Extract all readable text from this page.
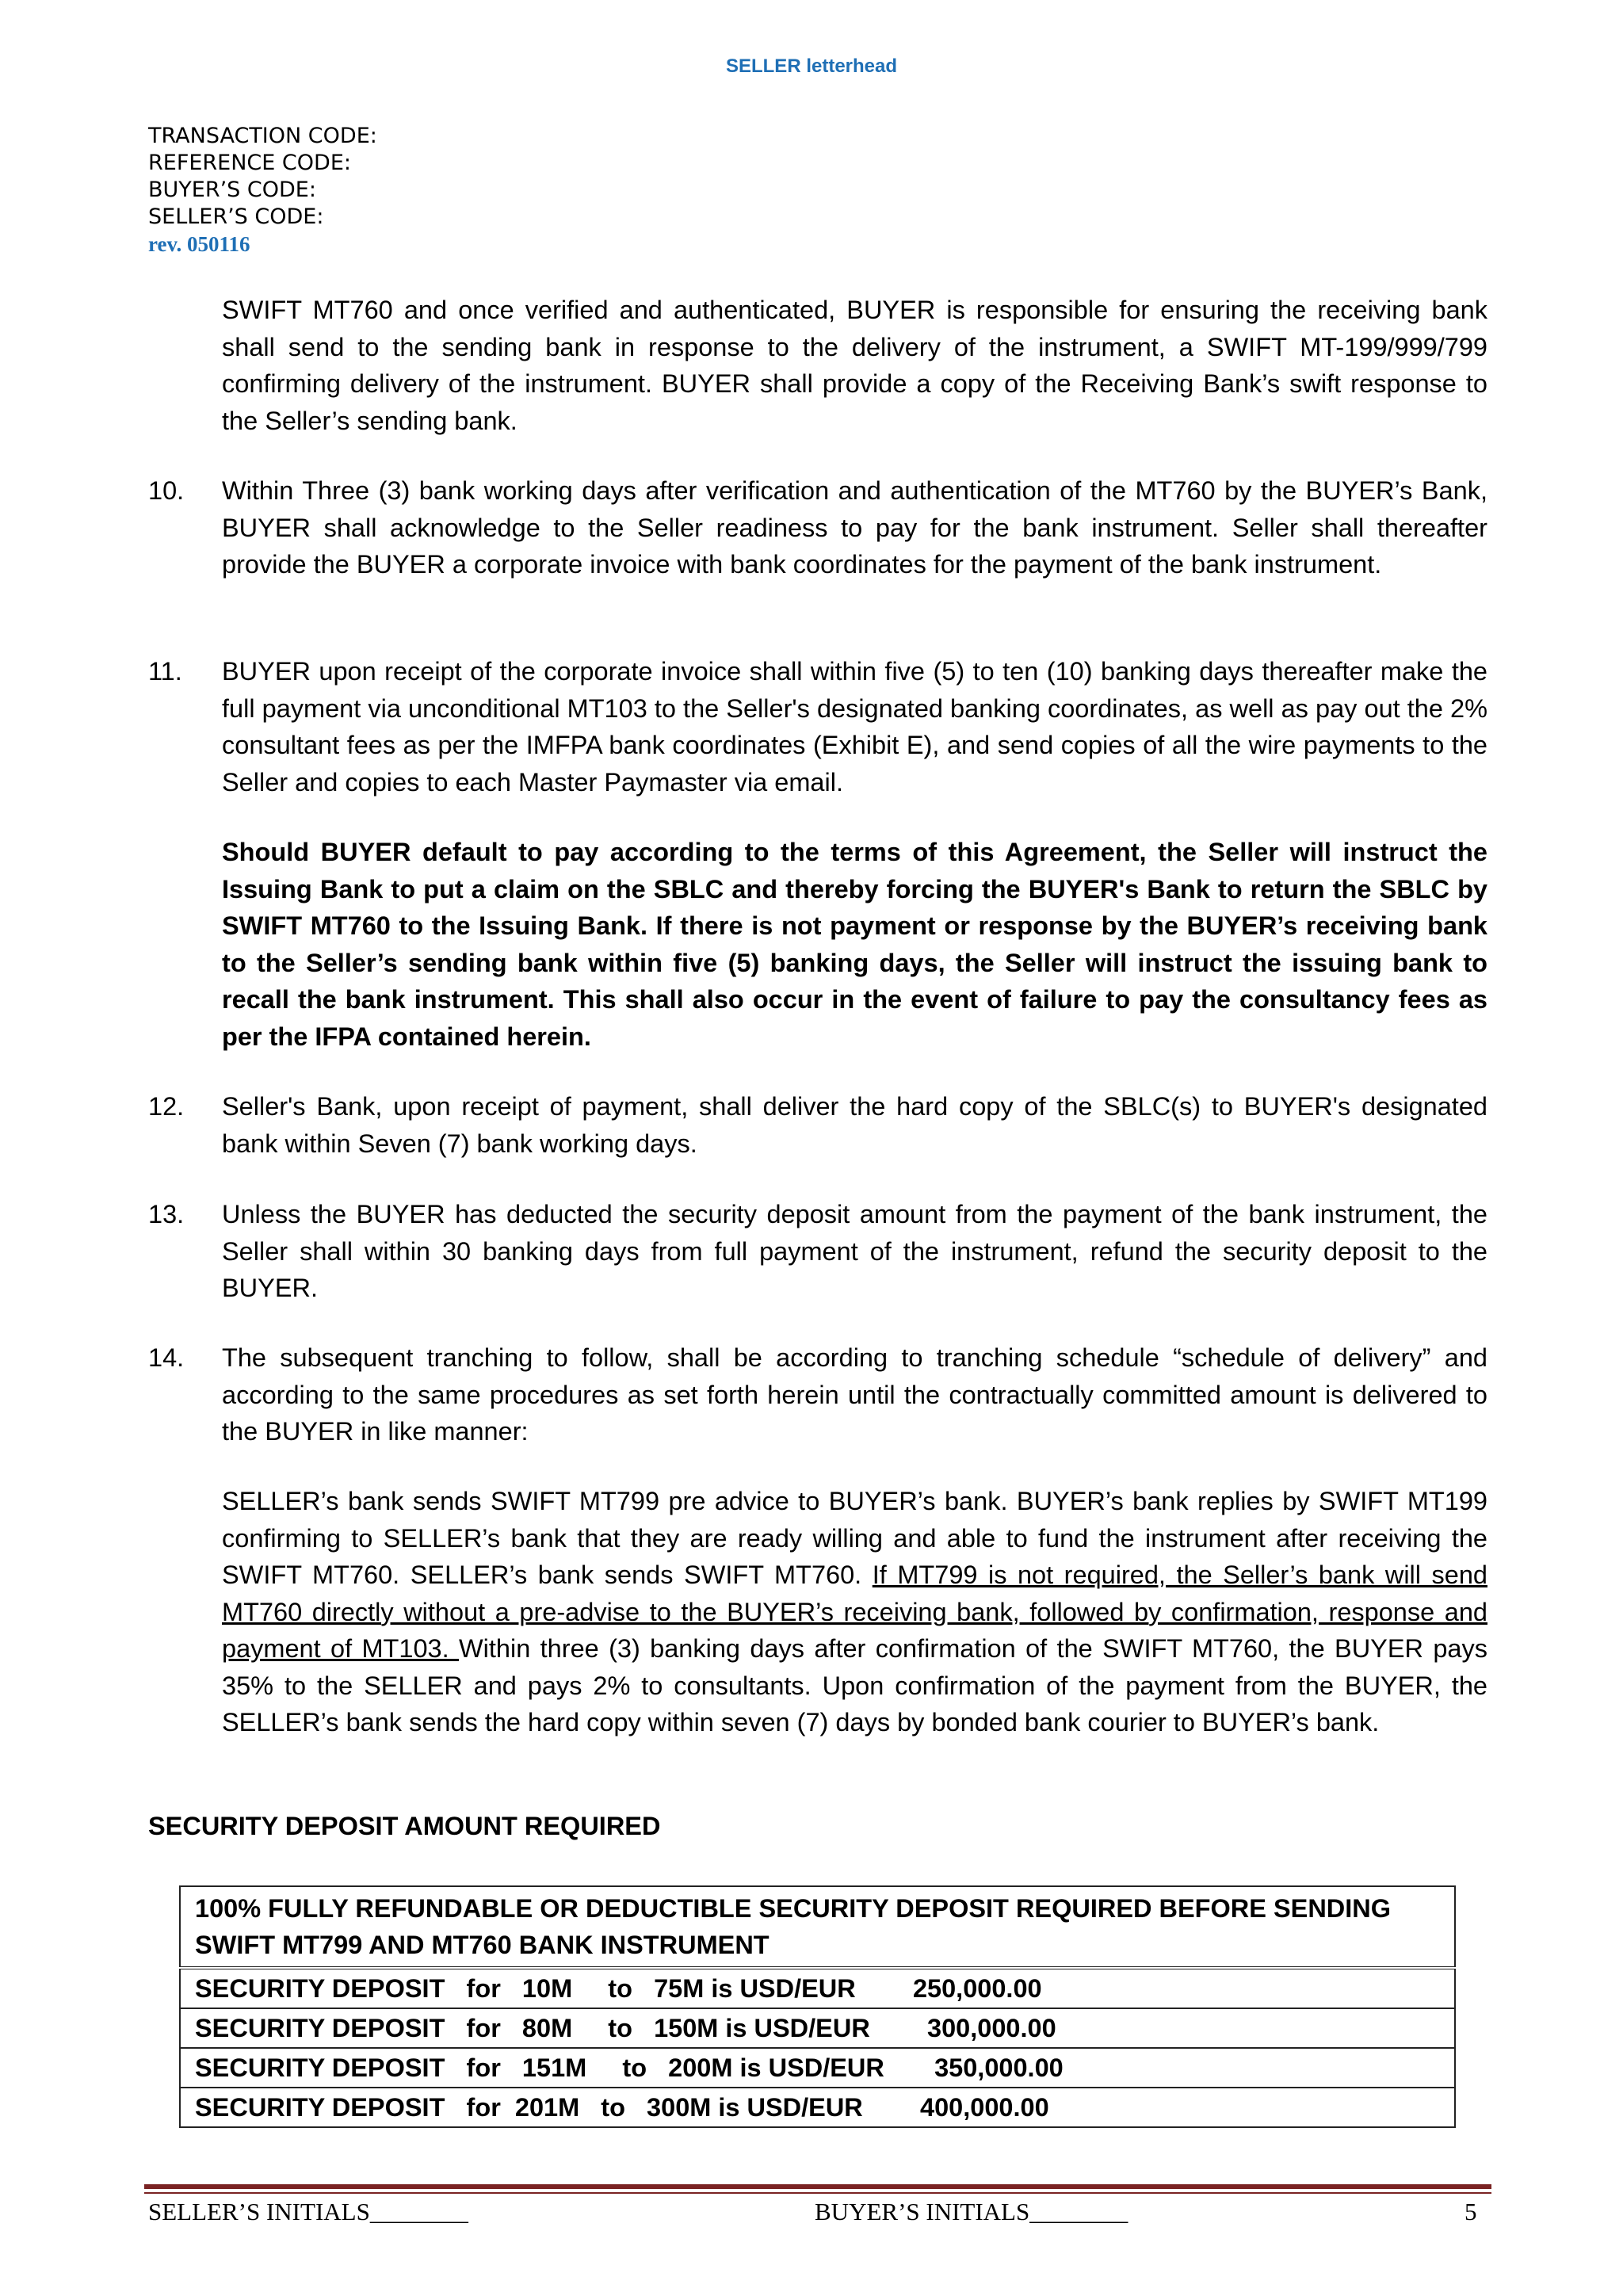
SELLER letterhead
TRANSACTION CODE:
REFERENCE CODE:
BUYER’S CODE:
SELLER’S CODE:
rev. 050116
SWIFT MT760 and once verified and authenticated, BUYER is responsible for ensuring the receiving bank shall send to the sending bank in response to the delivery of the instrument, a SWIFT MT-199/999/799 confirming delivery of the instrument. BUYER shall provide a copy of the Receiving Bank’s swift response to the Seller’s sending bank.
10. Within Three (3) bank working days after verification and authentication of the MT760 by the BUYER’s Bank, BUYER shall acknowledge to the Seller readiness to pay for the bank instrument. Seller shall thereafter provide the BUYER a corporate invoice with bank coordinates for the payment of the bank instrument.
11. BUYER upon receipt of the corporate invoice shall within five (5) to ten (10) banking days thereafter make the full payment via unconditional MT103 to the Seller's designated banking coordinates, as well as pay out the 2% consultant fees as per the IMFPA bank coordinates (Exhibit E), and send copies of all the wire payments to the Seller and copies to each Master Paymaster via email.
Should BUYER default to pay according to the terms of this Agreement, the Seller will instruct the Issuing Bank to put a claim on the SBLC and thereby forcing the BUYER's Bank to return the SBLC by SWIFT MT760 to the Issuing Bank. If there is not payment or response by the BUYER’s receiving bank to the Seller’s sending bank within five (5) banking days, the Seller will instruct the issuing bank to recall the bank instrument. This shall also occur in the event of failure to pay the consultancy fees as per the IFPA contained herein.
12. Seller's Bank, upon receipt of payment, shall deliver the hard copy of the SBLC(s) to BUYER's designated bank within Seven (7) bank working days.
13. Unless the BUYER has deducted the security deposit amount from the payment of the bank instrument, the Seller shall within 30 banking days from full payment of the instrument, refund the security deposit to the BUYER.
14. The subsequent tranching to follow, shall be according to tranching schedule “schedule of delivery” and according to the same procedures as set forth herein until the contractually committed amount is delivered to the BUYER in like manner:
SELLER’s bank sends SWIFT MT799 pre advice to BUYER’s bank. BUYER’s bank replies by SWIFT MT199 confirming to SELLER’s bank that they are ready willing and able to fund the instrument after receiving the SWIFT MT760. SELLER’s bank sends SWIFT MT760. If MT799 is not required, the Seller’s bank will send MT760 directly without a pre-advise to the BUYER’s receiving bank, followed by confirmation, response and payment of MT103. Within three (3) banking days after confirmation of the SWIFT MT760, the BUYER pays 35% to the SELLER and pays 2% to consultants. Upon confirmation of the payment from the BUYER, the SELLER’s bank sends the hard copy within seven (7) days by bonded bank courier to BUYER’s bank.
SECURITY DEPOSIT AMOUNT REQUIRED
100% FULLY REFUNDABLE OR DEDUCTIBLE SECURITY DEPOSIT REQUIRED BEFORE SENDING SWIFT MT799 AND MT760 BANK INSTRUMENT
SECURITY DEPOSIT   for   10M     to   75M is USD/EUR        250,000.00
SECURITY DEPOSIT   for   80M     to   150M is USD/EUR        300,000.00
SECURITY DEPOSIT   for   151M     to   200M is USD/EUR       350,000.00
SECURITY DEPOSIT   for  201M   to   300M is USD/EUR        400,000.00
SELLER’S INITIALS________	BUYER’S INITIALS________	5
